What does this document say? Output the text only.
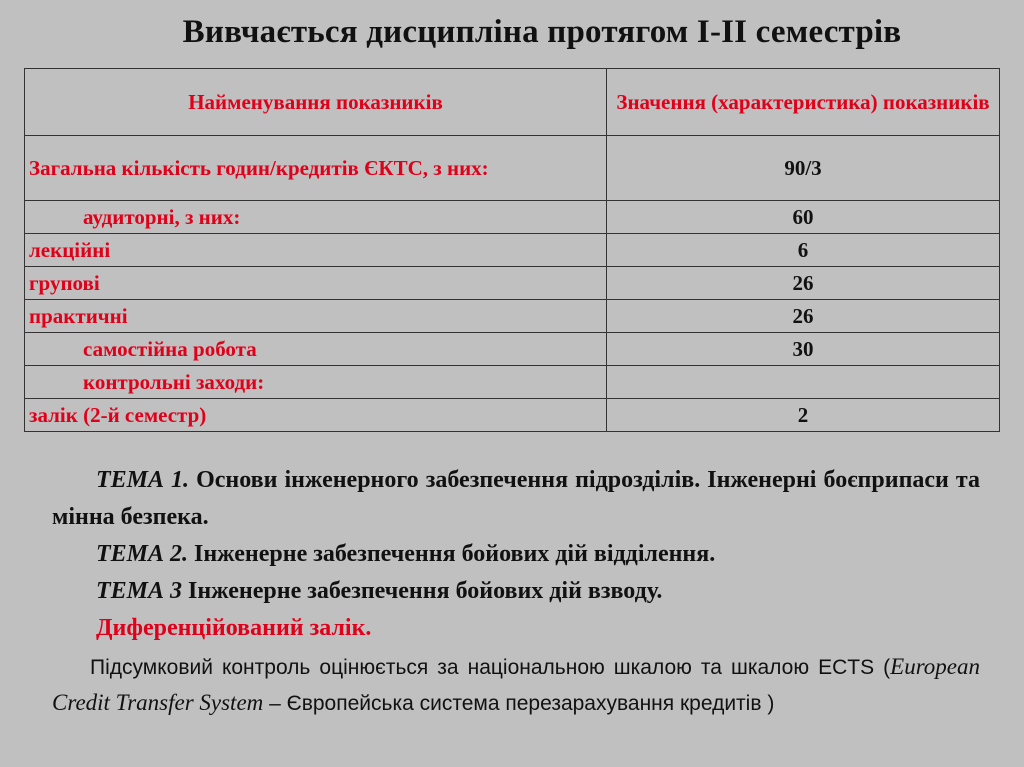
Вивчається дисципліна протягом І-ІІ семестрів
Найменування показників	Значення (характеристика) показників
Загальна кількість годин/кредитів ЄКТС, з них:	90/3
аудиторні, з них:	60
лекційні	6
групові	26
практичні	26
самостійна робота	30
контрольні заходи:	
залік (2-й семестр)	2
ТЕМА 1. Основи інженерного забезпечення підрозділів. Інженерні боєприпаси та мінна безпека.
ТЕМА 2. Інженерне забезпечення бойових дій відділення.
ТЕМА 3 Інженерне забезпечення бойових дій взводу.
Диференційований залік.
Підсумковий контроль оцінюється за національною шкалою та шкалою ECTS (European Credit Transfer System – Європейська система перезарахування кредитів )
